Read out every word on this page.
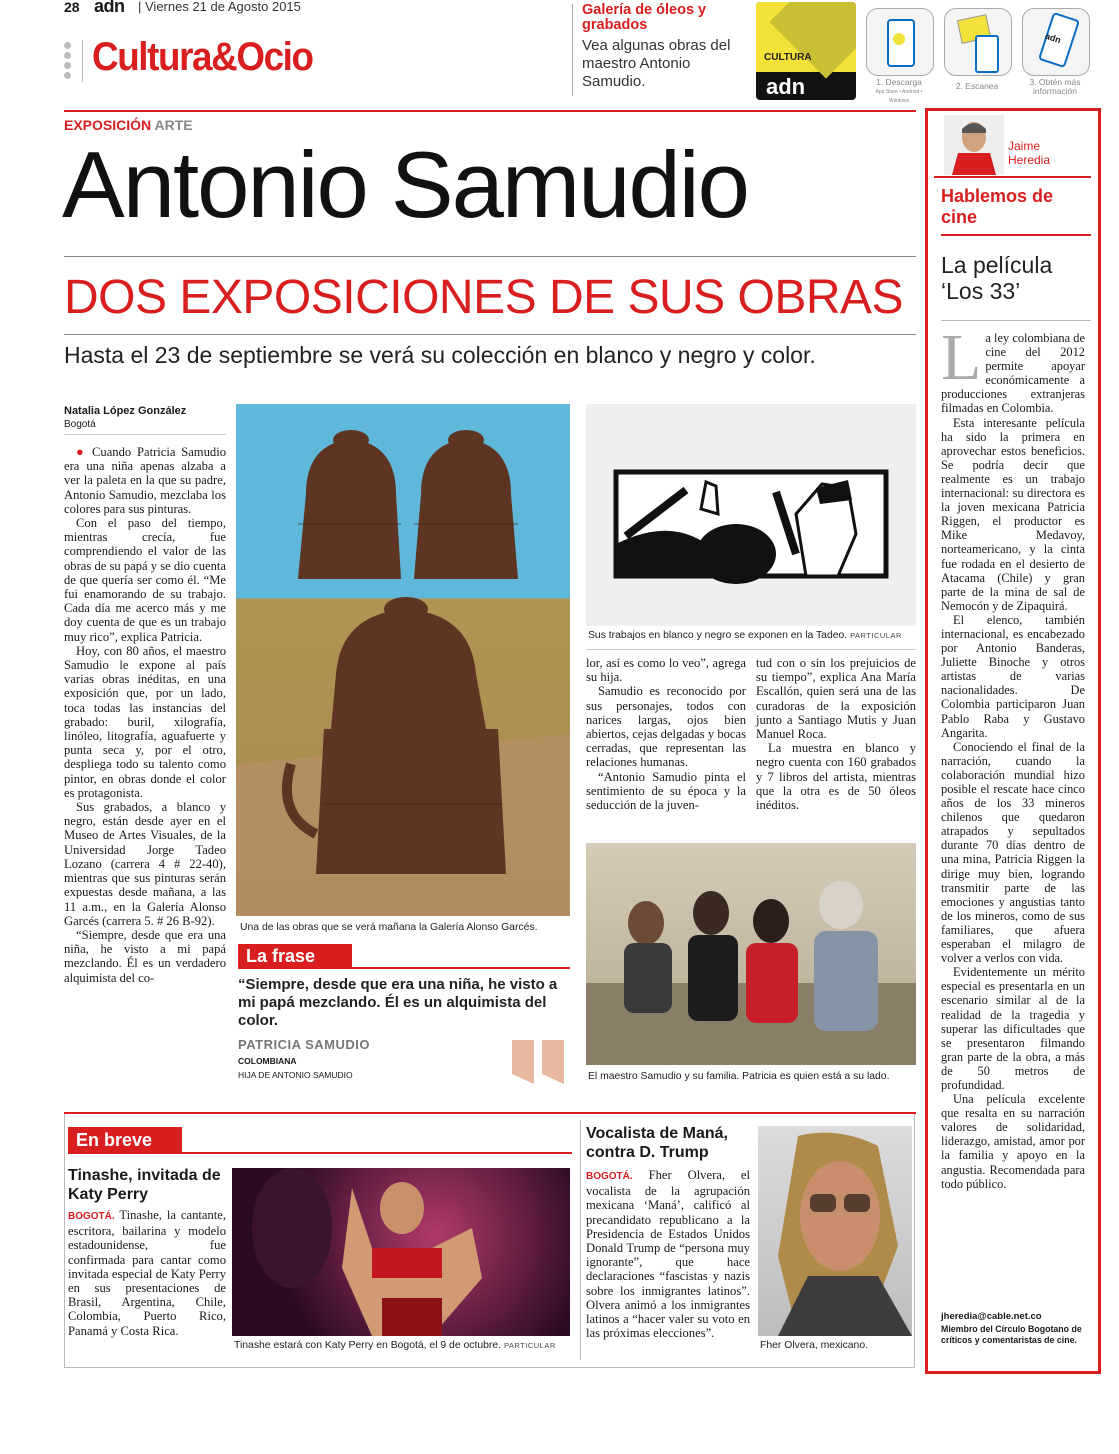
28 adn | Viernes 21 de Agosto 2015
Cultura&Ocio
Galería de óleos y grabados
Vea algunas obras del maestro Antonio Samudio.
CULTURA
adn
adn
1. Descarga
App Store • Android • Windows
2. Escanea	3. Obtén más información
EXPOSICIÓN ARTE
Antonio Samudio
DOS EXPOSICIONES DE SUS OBRAS
Hasta el 23 de septiembre se verá su colección en blanco y negro y color.
Natalia López González
Bogotá

● Cuando Patricia Samudio era una niña apenas alzaba a ver la paleta en la que su padre, Antonio Samudio, mezclaba los colores para sus pinturas.

Con el paso del tiempo, mientras crecía, fue comprendiendo el valor de las obras de su papá y se dio cuenta de que quería ser como él. “Me fui enamorando de su trabajo. Cada día me acerco más y me doy cuenta de que es un trabajo muy rico”, explica Patricia.

Hoy, con 80 años, el maestro Samudio le expone al país varias obras inéditas, en una exposición que, por un lado, toca todas las instancias del grabado: buril, xilografía, linóleo, litografía, aguafuerte y punta seca y, por el otro, despliega todo su talento como pintor, en obras donde el color es protagonista.

Sus grabados, a blanco y negro, están desde ayer en el Museo de Artes Visuales, de la Universidad Jorge Tadeo Lozano (carrera 4 # 22-40), mientras que sus pinturas serán expuestas desde mañana, a las 11 a.m., en la Galería Alonso Garcés (carrera 5. # 26 B-92).

“Siempre, desde que era una niña, he visto a mi papá mezclando. Él es un verdadero alquimista del co-

Una de las obras que se verá mañana la Galería Alonso Garcés.
La frase
“Siempre, desde que era una niña, he visto a mi papá mezclando. Él es un alquimista del color.
PATRICIA SAMUDIO
COLOMBIANA
HIJA DE ANTONIO SAMUDIO
Sus trabajos en blanco y negro se exponen en la Tadeo. PARTICULAR

lor, así es como lo veo”, agrega su hija.

Samudio es reconocido por sus personajes, todos con narices largas, ojos bien abiertos, cejas delgadas y bocas cerradas, que representan las relaciones humanas.

“Antonio Samudio pinta el sentimiento de su época y la seducción de la juven-

tud con o sin los prejuicios de su tiempo”, explica Ana María Escallón, quien será una de las curadoras de la exposición junto a Santiago Mutis y Juan Manuel Roca.

La muestra en blanco y negro cuenta con 160 grabados y 7 libros del artista, mientras que la otra es de 50 óleos inéditos.

El maestro Samudio y su familia. Patricia es quien está a su lado.
En breve
Tinashe, invitada de Katy Perry

BOGOTÁ. Tinashe, la cantante, escritora, bailarina y modelo estadounidense, fue confirmada para cantar como invitada especial de Katy Perry en sus presentaciones de Brasil, Argentina, Chile, Colombia, Puerto Rico, Panamá y Costa Rica.

Tinashe estará con Katy Perry en Bogotá, el 9 de octubre. PARTICULAR
Vocalista de Maná, contra D. Trump

BOGOTÁ. Fher Olvera, el vocalista de la agrupación mexicana ‘Maná’, calificó al precandidato republicano a la Presidencia de Estados Unidos Donald Trump de “persona muy ignorante”, que hace declaraciones “fascistas y nazis sobre los inmigrantes latinos”. Olvera animó a los inmigrantes latinos a “hacer valer su voto en las próximas elecciones”.

Fher Olvera, mexicano.
Jaime
Heredia
Hablemos de cine
La película ‘Los 33’

La ley colombiana de cine del 2012 permite apoyar económicamente a producciones extranjeras filmadas en Colombia.

Esta interesante película ha sido la primera en aprovechar estos beneficios. Se podría decir que realmente es un trabajo internacional: su directora es la joven mexicana Patricia Riggen, el productor es Mike Medavoy, norteamericano, y la cinta fue rodada en el desierto de Atacama (Chile) y gran parte de la mina de sal de Nemocón y de Zipaquirá.

El elenco, también internacional, es encabezado por Antonio Banderas, Juliette Binoche y otros artistas de varias nacionalidades. De Colombia participaron Juan Pablo Raba y Gustavo Angarita.

Conociendo el final de la narración, cuando la colaboración mundial hizo posible el rescate hace cinco años de los 33 mineros chilenos que quedaron atrapados y sepultados durante 70 días dentro de una mina, Patricia Riggen la dirige muy bien, logrando transmitir parte de las emociones y angustias tanto de los mineros, como de sus familiares, que afuera esperaban el milagro de volver a verlos con vida.

Evidentemente un mérito especial es presentarla en un escenario similar al de la realidad de la tragedia y superar las dificultades que se presentaron filmando gran parte de la obra, a más de 50 metros de profundidad.

Una película excelente que resalta en su narración valores de solidaridad, liderazgo, amistad, amor por la familia y apoyo en la angustia. Recomendada para todo público.

jheredia@cable.net.co
Miembro del Círculo Bogotano de críticos y comentaristas de cine.
